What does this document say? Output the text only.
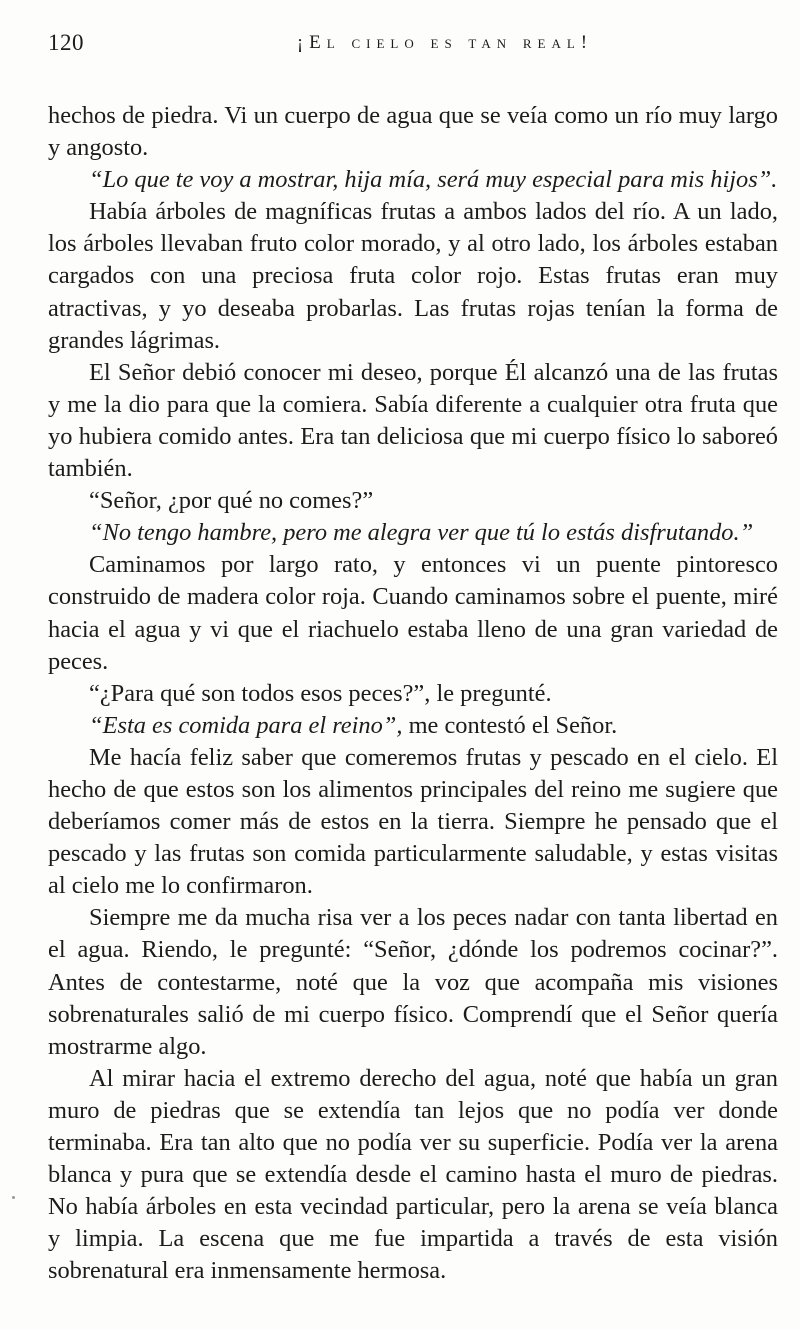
120	¡El cielo es tan real!

hechos de piedra. Vi un cuerpo de agua que se veía como un río muy largo y angosto.

“Lo que te voy a mostrar, hija mía, será muy especial para mis hijos”.

Había árboles de magníficas frutas a ambos lados del río. A un lado, los árboles llevaban fruto color morado, y al otro lado, los árboles estaban cargados con una preciosa fruta color rojo. Estas frutas eran muy atractivas, y yo deseaba probarlas. Las frutas rojas tenían la forma de grandes lágrimas.

El Señor debió conocer mi deseo, porque Él alcanzó una de las frutas y me la dio para que la comiera. Sabía diferente a cualquier otra fruta que yo hubiera comido antes. Era tan deliciosa que mi cuerpo físico lo saboreó también.

“Señor, ¿por qué no comes?”

“No tengo hambre, pero me alegra ver que tú lo estás disfrutando.”

Caminamos por largo rato, y entonces vi un puente pintoresco construido de madera color roja. Cuando caminamos sobre el puente, miré hacia el agua y vi que el riachuelo estaba lleno de una gran variedad de peces.

“¿Para qué son todos esos peces?”, le pregunté.

“Esta es comida para el reino”, me contestó el Señor.

Me hacía feliz saber que comeremos frutas y pescado en el cielo. El hecho de que estos son los alimentos principales del reino me sugiere que deberíamos comer más de estos en la tierra. Siempre he pensado que el pescado y las frutas son comida particularmente saludable, y estas visitas al cielo me lo confirmaron.

Siempre me da mucha risa ver a los peces nadar con tanta libertad en el agua. Riendo, le pregunté: “Señor, ¿dónde los podremos cocinar?”. Antes de contestarme, noté que la voz que acompaña mis visiones sobrenaturales salió de mi cuerpo físico. Comprendí que el Señor quería mostrarme algo.

Al mirar hacia el extremo derecho del agua, noté que había un gran muro de piedras que se extendía tan lejos que no podía ver donde terminaba. Era tan alto que no podía ver su superficie. Podía ver la arena blanca y pura que se extendía desde el camino hasta el muro de piedras. No había árboles en esta vecindad particular, pero la arena se veía blanca y limpia. La escena que me fue impartida a través de esta visión sobrenatural era inmensamente hermosa.
